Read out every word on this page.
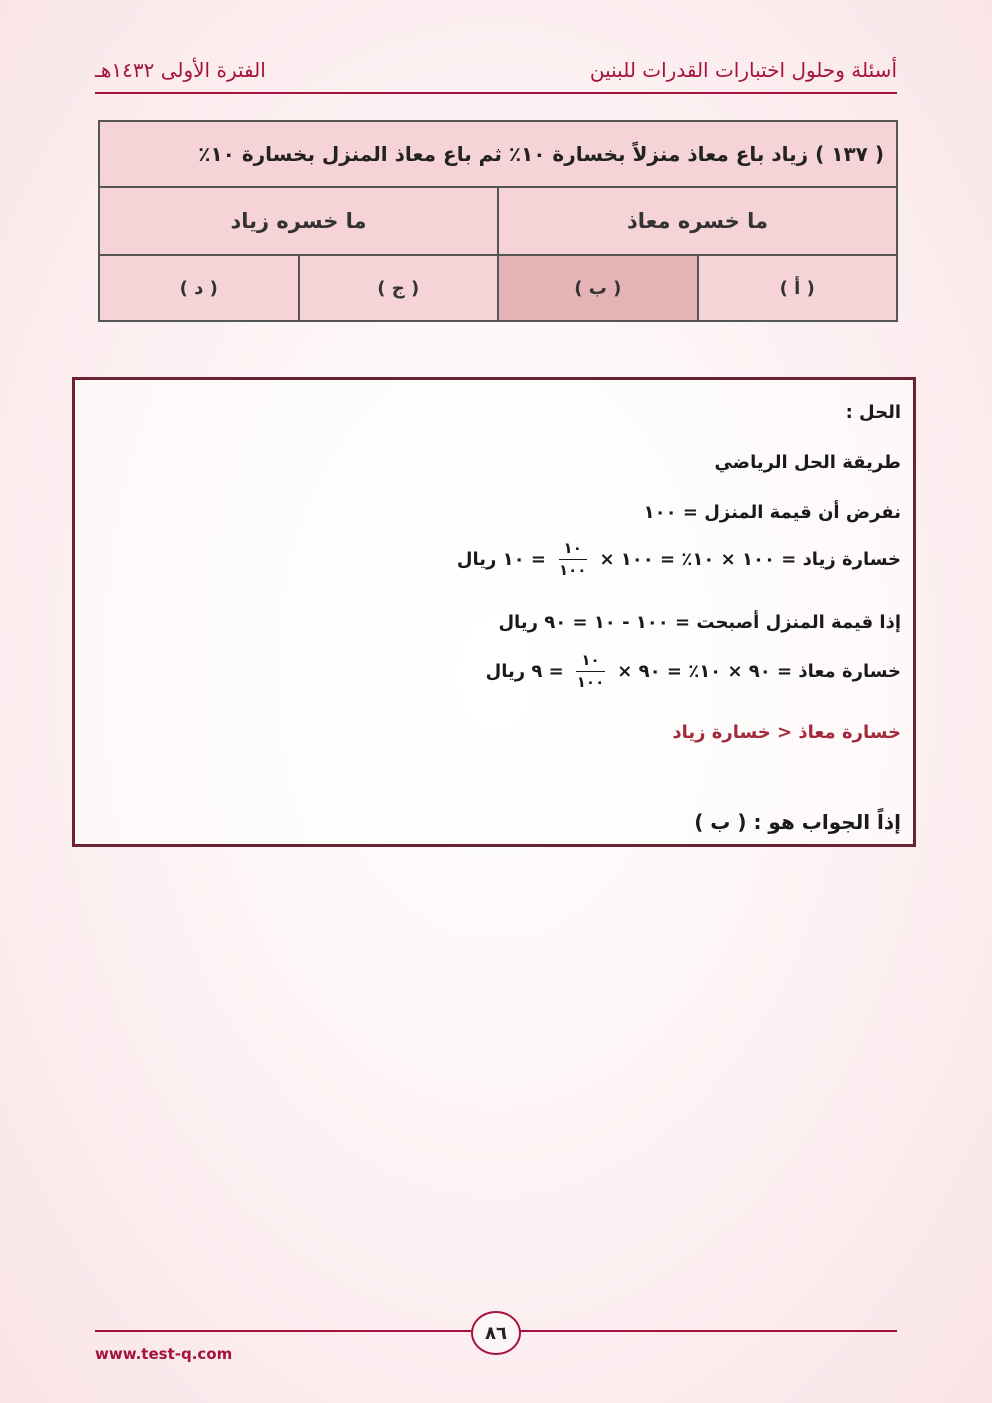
أسئلة وحلول اختبارات القدرات للبنين
الفترة الأولى ١٤٣٢هـ
( ١٣٧ ) زياد باع معاذ منزلاً بخسارة ١٠٪ ثم باع معاذ المنزل بخسارة ١٠٪
ما خسره معاذ
ما خسره زياد
( أ )
( ب )
( ج )
( د )
الحل :
طريقة الحل الرياضي
نفرض أن قيمة المنزل = ١٠٠
خسارة زياد = ١٠٠ × ١٠٪ = ١٠٠ ×
$\frac{١٠}{١٠٠}$
= ١٠ ريال
إذا قيمة المنزل أصبحت = ١٠٠ - ١٠ = ٩٠ ريال
خسارة معاذ = ٩٠ × ١٠٪ = ٩٠ ×
$\frac{١٠}{١٠٠}$
= ٩ ريال
خسارة معاذ < خسارة زياد
إذاً الجواب هو : ( ب )
٨٦
www.test-q.com
